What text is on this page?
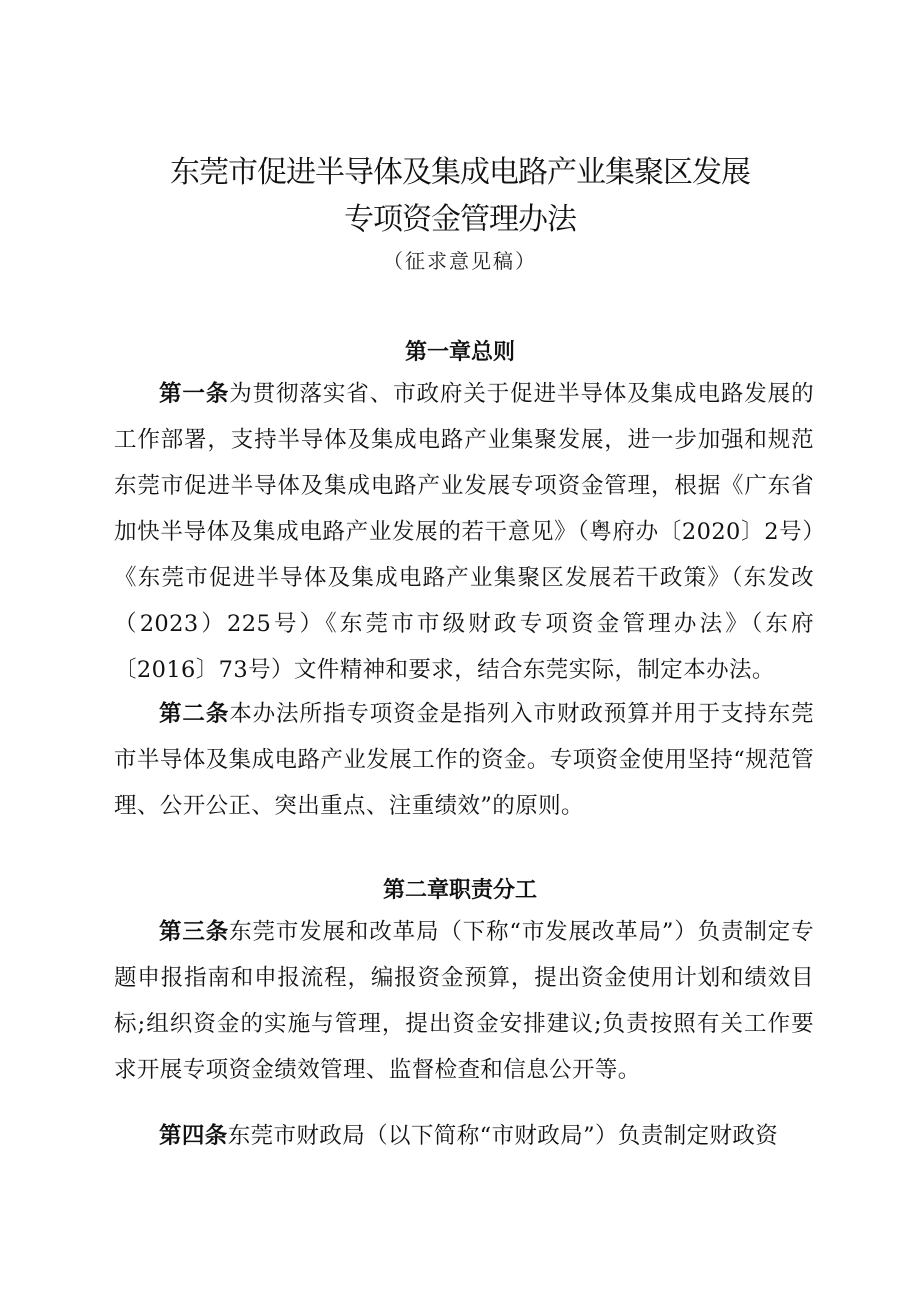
东莞市促进半导体及集成电路产业集聚区发展
专项资金管理办法
（征求意见稿）
第一章总则

第一条为贯彻落实省、市政府关于促进半导体及集成电路发展的工作部署，支持半导体及集成电路产业集聚发展，进一步加强和规范东莞市促进半导体及集成电路产业发展专项资金管理，根据《广东省加快半导体及集成电路产业发展的若干意见》（粤府办〔2020〕2号）《东莞市促进半导体及集成电路产业集聚区发展若干政策》（东发改（2023）225号）《东莞市市级财政专项资金管理办法》（东府〔2016〕73号）文件精神和要求，结合东莞实际，制定本办法。

第二条本办法所指专项资金是指列入市财政预算并用于支持东莞市半导体及集成电路产业发展工作的资金。专项资金使用坚持“规范管理、公开公正、突出重点、注重绩效”的原则。

第二章职责分工

第三条东莞市发展和改革局（下称“市发展改革局”）负责制定专题申报指南和申报流程，编报资金预算，提出资金使用计划和绩效目标;组织资金的实施与管理，提出资金安排建议;负责按照有关工作要求开展专项资金绩效管理、监督检查和信息公开等。

第四条东莞市财政局（以下简称“市财政局”）负责制定财政资
